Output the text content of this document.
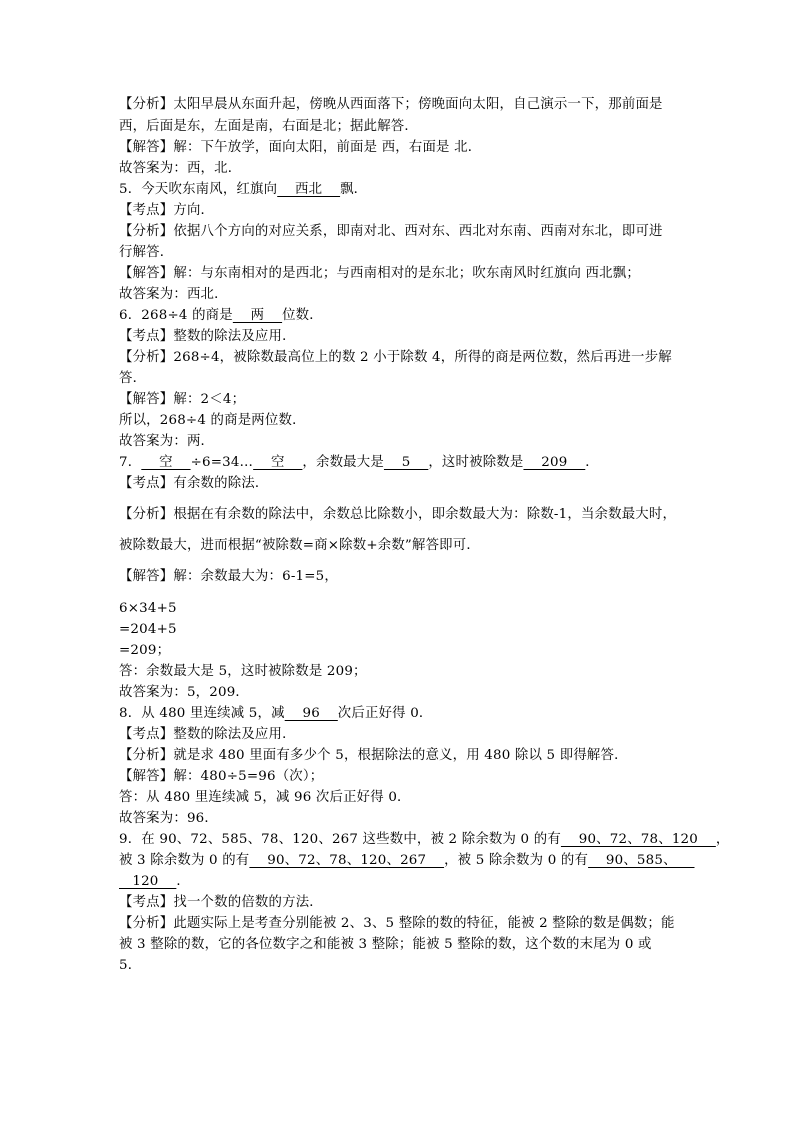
【分析】太阳早晨从东面升起，傍晚从西面落下；傍晚面向太阳，自己演示一下，那前面是
西，后面是东，左面是南，右面是北；据此解答．
【解答】解：下午放学，面向太阳，前面是 西，右面是 北．
故答案为：西，北．
5．今天吹东南风，红旗向    西北    飘．
【考点】方向．
【分析】依据八个方向的对应关系，即南对北、西对东、西北对东南、西南对东北，即可进
行解答．
【解答】解：与东南相对的是西北；与西南相对的是东北；吹东南风时红旗向 西北飘；
故答案为：西北．
6．268÷4 的商是    两    位数．
【考点】整数的除法及应用．
【分析】268÷4，被除数最高位上的数 2 小于除数 4，所得的商是两位数，然后再进一步解
答．
【解答】解：2＜4；
所以，268÷4 的商是两位数．
故答案为：两．
7．    空    ÷6=34…    空    ，余数最大是    5    ，这时被除数是    209    ．
【考点】有余数的除法．
【分析】根据在有余数的除法中，余数总比除数小，即余数最大为：除数-1，当余数最大时，
被除数最大，进而根据“被除数=商×除数+余数”解答即可．
【解答】解：余数最大为：6-1=5，
6×34+5
=204+5
=209；
答：余数最大是 5，这时被除数是 209；
故答案为：5，209．
8．从 480 里连续减 5，减    96    次后正好得 0．
【考点】整数的除法及应用．
【分析】就是求 480 里面有多少个 5，根据除法的意义，用 480 除以 5 即得解答．
【解答】解：480÷5=96（次）；
答：从 480 里连续减 5，减 96 次后正好得 0．
故答案为：96．
9．在 90、72、585、78、120、267 这些数中，被 2 除余数为 0 的有    90、72、78、120    ，
被 3 除余数为 0 的有    90、72、78、120、267    ，被 5 除余数为 0 的有    90、585、
120    ．
【考点】找一个数的倍数的方法．
【分析】此题实际上是考查分别能被 2、3、5 整除的数的特征，能被 2 整除的数是偶数；能
被 3 整除的数，它的各位数字之和能被 3 整除；能被 5 整除的数，这个数的末尾为 0 或
5．
